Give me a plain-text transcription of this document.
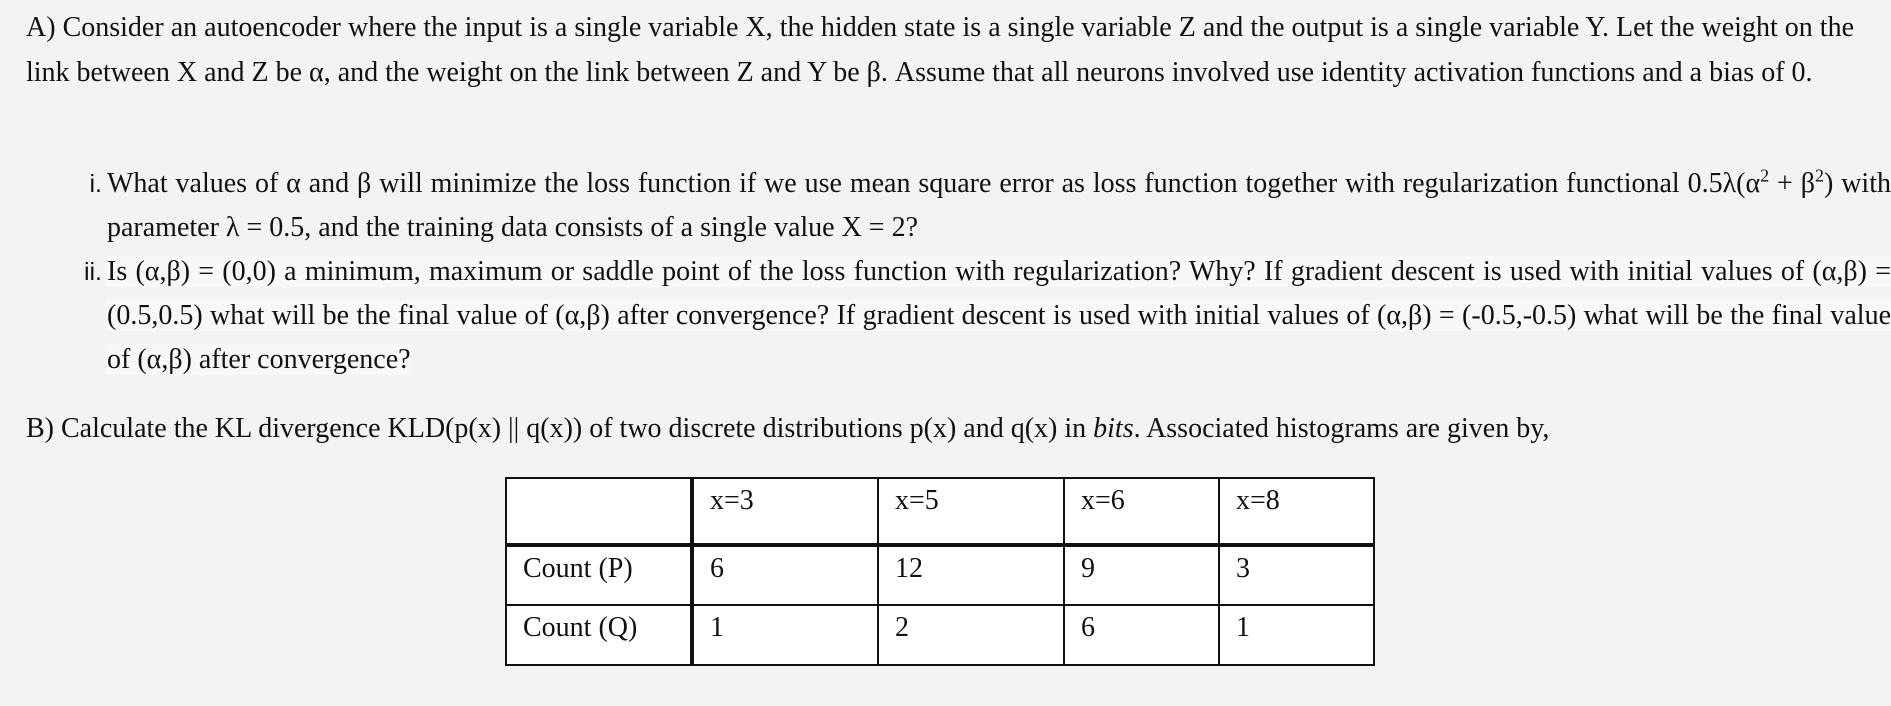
A) Consider an autoencoder where the input is a single variable X, the hidden state is a single variable Z and the output is a single variable Y. Let the weight on the link between X and Z be α, and the weight on the link between Z and Y be β. Assume that all neurons involved use identity activation functions and a bias of 0.
i. What values of α and β will minimize the loss function if we use mean square error as loss function together with regularization functional $0.5\lambda(\alpha^2 + \beta^2)$ with parameter λ = 0.5, and the training data consists of a single value X = 2?
ii. Is (α,β) = (0,0) a minimum, maximum or saddle point of the loss function with regularization? Why? If gradient descent is used with initial values of (α,β) = (0.5,0.5) what will be the final value of (α,β) after convergence? If gradient descent is used with initial values of (α,β) = (-0.5,-0.5) what will be the final value of (α,β) after convergence?
B) Calculate the KL divergence KLD(p(x) || q(x)) of two discrete distributions p(x) and q(x) in bits. Associated histograms are given by,
	x=3	x=5	x=6	x=8
Count (P)	6	12	9	3
Count (Q)	1	2	6	1
